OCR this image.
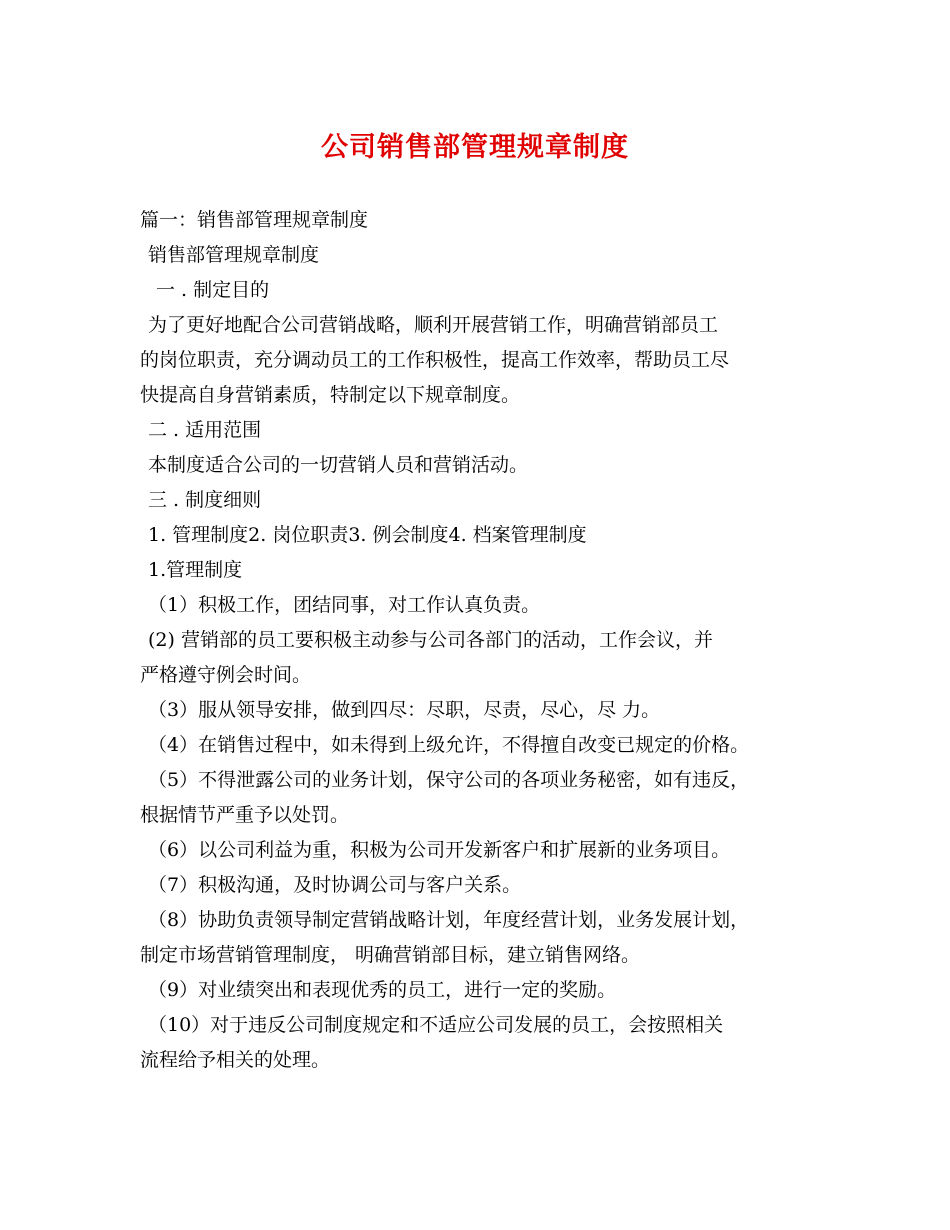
公司销售部管理规章制度
篇一：销售部管理规章制度
销售部管理规章制度
一 . 制定目的
为了更好地配合公司营销战略，顺利开展营销工作，明确营销部员工
的岗位职责，充分调动员工的工作积极性，提高工作效率，帮助员工尽
快提高自身营销素质，特制定以下规章制度。
二 . 适用范围
本制度适合公司的一切营销人员和营销活动。
三 . 制度细则
1. 管理制度2. 岗位职责3. 例会制度4. 档案管理制度
1.管理制度
（1）积极工作，团结同事，对工作认真负责。
(2) 营销部的员工要积极主动参与公司各部门的活动，工作会议，并
严格遵守例会时间。
（3）服从领导安排，做到四尽：尽职，尽责，尽心，尽 力。
（4）在销售过程中，如未得到上级允许，不得擅自改变已规定的价格。
（5）不得泄露公司的业务计划，保守公司的各项业务秘密，如有违反，
根据情节严重予以处罚。
（6）以公司利益为重，积极为公司开发新客户和扩展新的业务项目。
（7）积极沟通，及时协调公司与客户关系。
（8）协助负责领导制定营销战略计划，年度经营计划，业务发展计划，
制定市场营销管理制度， 明确营销部目标，建立销售网络。
（9）对业绩突出和表现优秀的员工，进行一定的奖励。
（10）对于违反公司制度规定和不适应公司发展的员工，会按照相关
流程给予相关的处理。
